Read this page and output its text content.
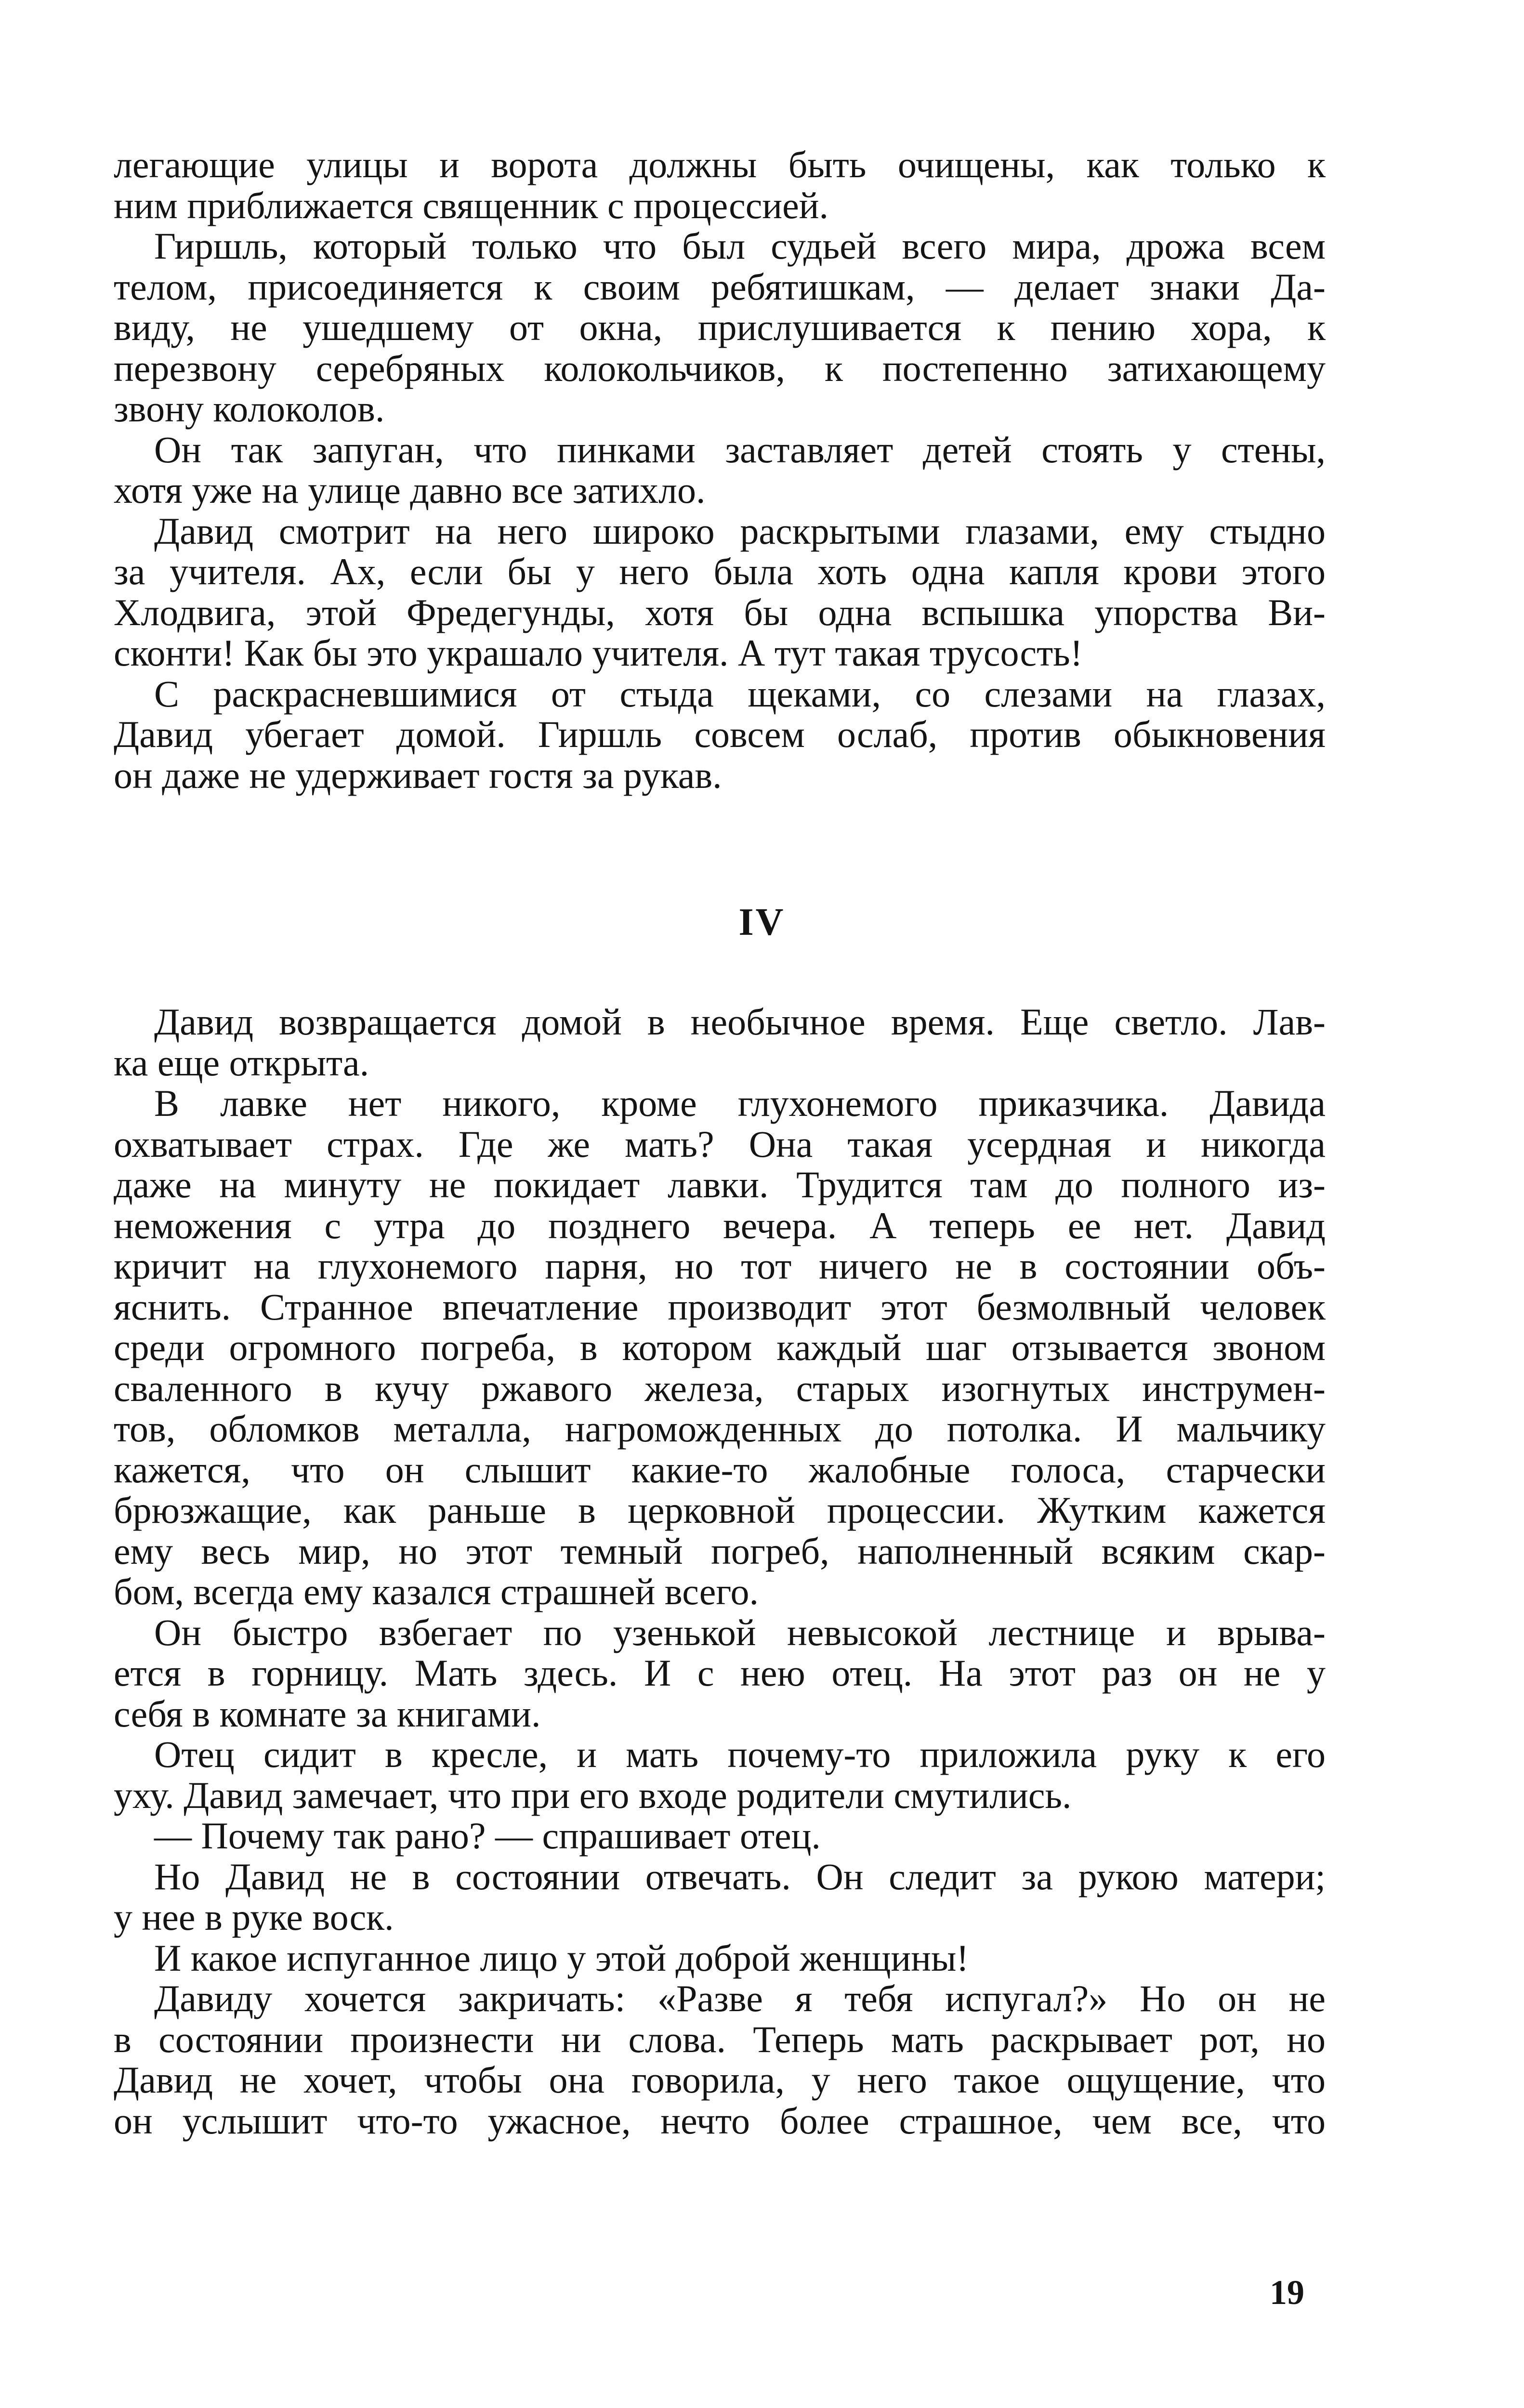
легающие улицы и ворота должны быть очищены, как только к
ним приближается священник с процессией.
Гиршль, который только что был судьей всего мира, дрожа всем
телом, присоединяется к своим ребятишкам, — делает знаки Да-
виду, не ушедшему от окна, прислушивается к пению хора, к
перезвону серебряных колокольчиков, к постепенно затихающему
звону колоколов.
Он так запуган, что пинками заставляет детей стоять у стены,
хотя уже на улице давно все затихло.
Давид смотрит на него широко раскрытыми глазами, ему стыдно
за учителя. Ах, если бы у него была хоть одна капля крови этого
Хлодвига, этой Фредегунды, хотя бы одна вспышка упорства Ви-
сконти! Как бы это украшало учителя. А тут такая трусость!
С раскрасневшимися от стыда щеками, со слезами на глазах,
Давид убегает домой. Гиршль совсем ослаб, против обыкновения
он даже не удерживает гостя за рукав.
IV
Давид возвращается домой в необычное время. Еще светло. Лав-
ка еще открыта.
В лавке нет никого, кроме глухонемого приказчика. Давида
охватывает страх. Где же мать? Она такая усердная и никогда
даже на минуту не покидает лавки. Трудится там до полного из-
неможения с утра до позднего вечера. А теперь ее нет. Давид
кричит на глухонемого парня, но тот ничего не в состоянии объ-
яснить. Странное впечатление производит этот безмолвный человек
среди огромного погреба, в котором каждый шаг отзывается звоном
сваленного в кучу ржавого железа, старых изогнутых инструмен-
тов, обломков металла, нагроможденных до потолка. И мальчику
кажется, что он слышит какие-то жалобные голоса, старчески
брюзжащие, как раньше в церковной процессии. Жутким кажется
ему весь мир, но этот темный погреб, наполненный всяким скар-
бом, всегда ему казался страшней всего.
Он быстро взбегает по узенькой невысокой лестнице и врыва-
ется в горницу. Мать здесь. И с нею отец. На этот раз он не у
себя в комнате за книгами.
Отец сидит в кресле, и мать почему-то приложила руку к его
уху. Давид замечает, что при его входе родители смутились.
— Почему так рано? — спрашивает отец.
Но Давид не в состоянии отвечать. Он следит за рукою матери;
у нее в руке воск.
И какое испуганное лицо у этой доброй женщины!
Давиду хочется закричать: «Разве я тебя испугал?» Но он не
в состоянии произнести ни слова. Теперь мать раскрывает рот, но
Давид не хочет, чтобы она говорила, у него такое ощущение, что
он услышит что-то ужасное, нечто более страшное, чем все, что
19
